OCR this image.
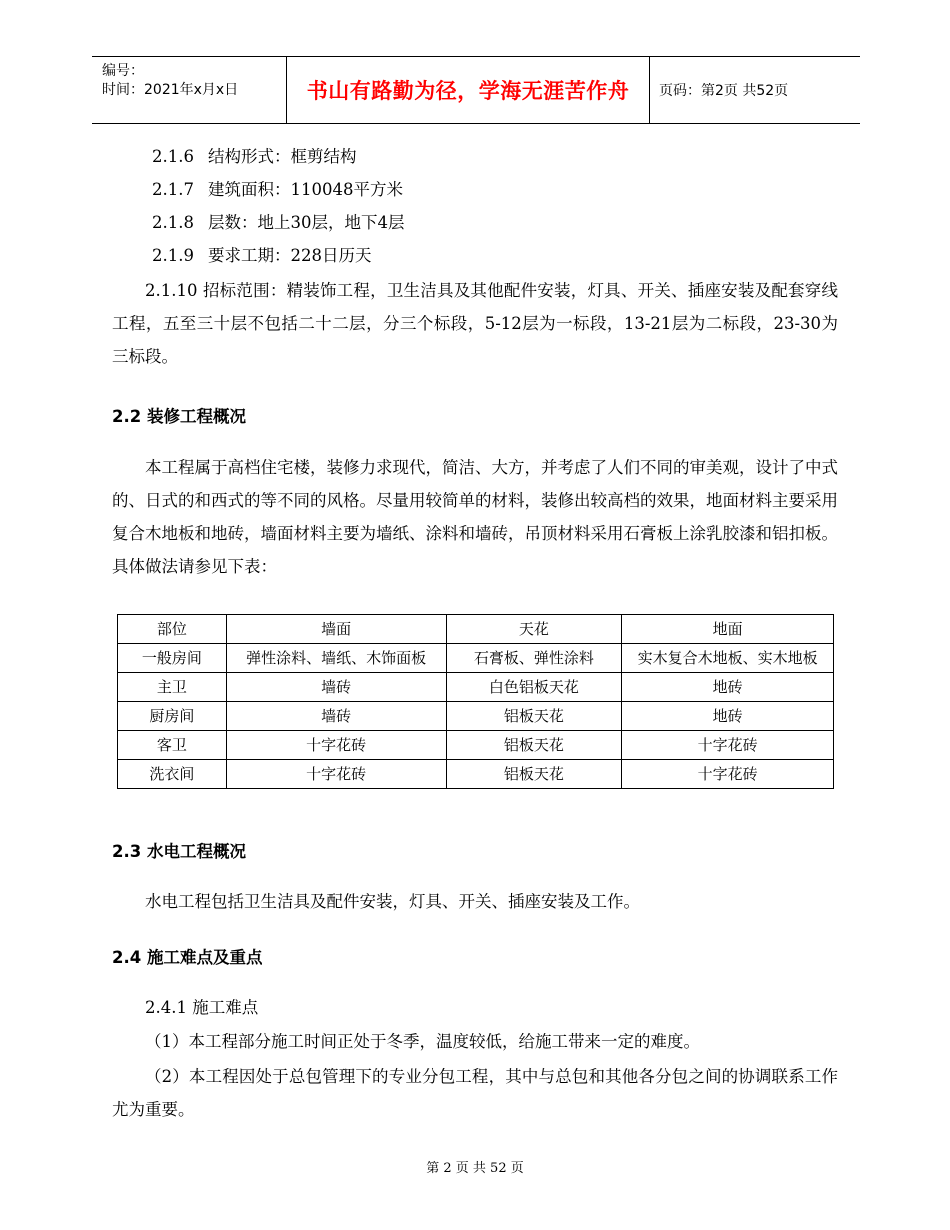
编号：
时间：2021年x月x日	书山有路勤为径，学海无涯苦作舟 页码：第2页 共52页
2.1.6 结构形式：框剪结构
2.1.7 建筑面积：110048平方米
2.1.8 层数：地上30层，地下4层
2.1.9 要求工期：228日历天
2.1.10 招标范围：精装饰工程，卫生洁具及其他配件安装，灯具、开关、插座安装及配套穿线工程，五至三十层不包括二十二层，分三个标段，5-12层为一标段，13-21层为二标段，23-30为三标段。
2.2 装修工程概况
本工程属于高档住宅楼，装修力求现代，简洁、大方，并考虑了人们不同的审美观，设计了中式的、日式的和西式的等不同的风格。尽量用较简单的材料，装修出较高档的效果，地面材料主要采用复合木地板和地砖，墙面材料主要为墙纸、涂料和墙砖，吊顶材料采用石膏板上涂乳胶漆和铝扣板。具体做法请参见下表：
部位	墙面	天花	地面
一般房间	弹性涂料、墙纸、木饰面板	石膏板、弹性涂料	实木复合木地板、实木地板
主卫	墙砖	白色铝板天花	地砖
厨房间	墙砖	铝板天花	地砖
客卫	十字花砖	铝板天花	十字花砖
洗衣间	十字花砖	铝板天花	十字花砖
2.3 水电工程概况
水电工程包括卫生洁具及配件安装，灯具、开关、插座安装及工作。
2.4 施工难点及重点
2.4.1 施工难点
（1）本工程部分施工时间正处于冬季，温度较低，给施工带来一定的难度。
（2）本工程因处于总包管理下的专业分包工程，其中与总包和其他各分包之间的协调联系工作尤为重要。
第 2 页 共 52 页
